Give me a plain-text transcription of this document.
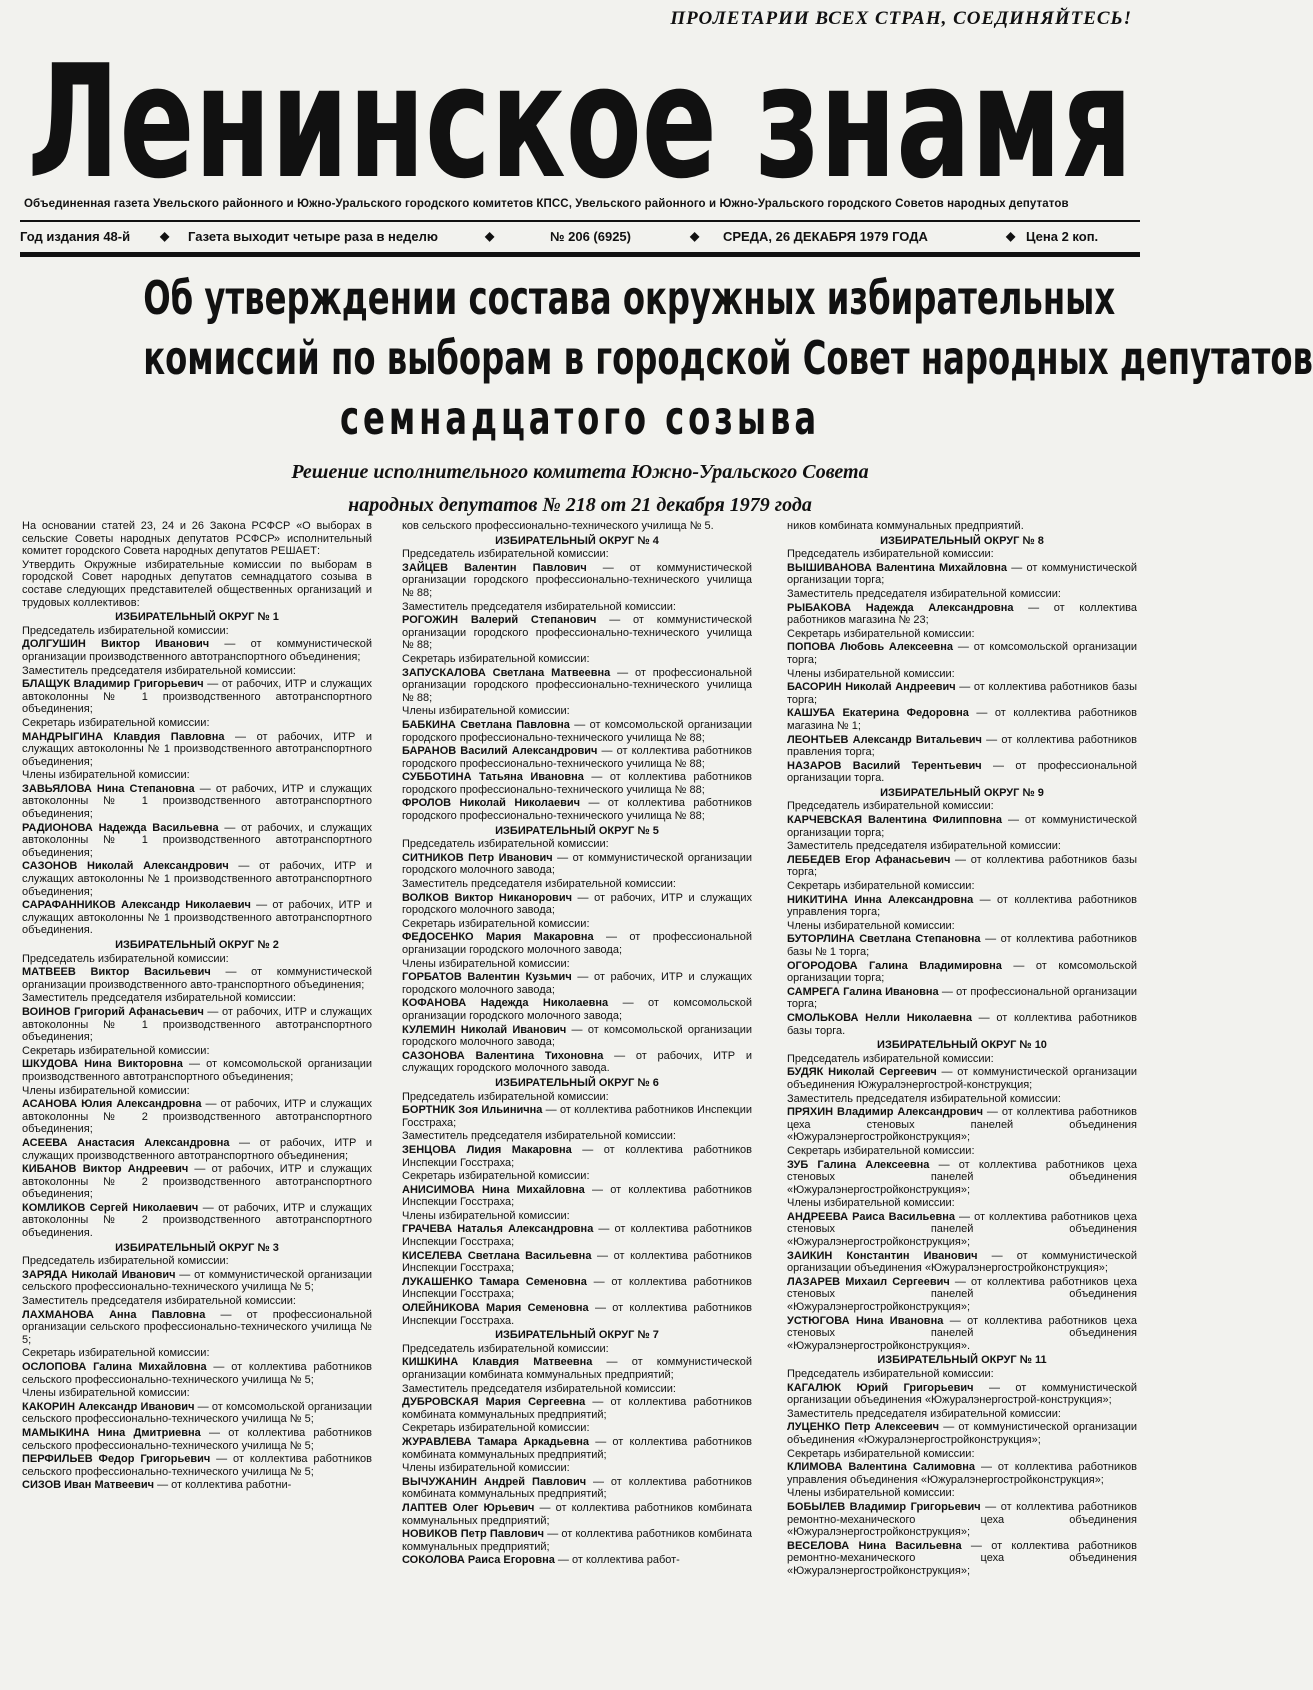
ПРОЛЕТАРИИ ВСЕХ СТРАН, СОЕДИНЯЙТЕСЬ!
Ленинское знамя
Объединенная газета Увельского районного и Южно-Уральского городского комитетов КПСС, Увельского районного и Южно-Уральского городского Советов народных депутатов
Год издания 48-й ◆ Газета выходит четыре раза в неделю	◆	№ 206 (6925)	◆ СРЕДА, 26 ДЕКАБРЯ 1979 ГОДА	◆ Цена 2 коп.
Об утверждении состава окружных избирательных
комиссий по выборам в городской Совет народных депутатов
семнадцатого созыва
Решение исполнительного комитета Южно-Уральского Совета
народных депутатов № 218 от 21 декабря 1979 года

На основании статей 23, 24 и 26 Закона РСФСР «О выборах в сельские Советы народных депутатов РСФСР» исполнительный комитет городского Совета народных депутатов РЕШАЕТ:

Утвердить Окружные избирательные комиссии по выборам в городской Совет народных депутатов семнадцатого созыва в составе следующих представителей общественных организаций и трудовых коллективов:

ИЗБИРАТЕЛЬНЫЙ ОКРУГ № 1

Председатель избирательной комиссии:

ДОЛГУШИН Виктор Иванович — от коммунистической организации производственного автотранспортного объединения;

Заместитель председателя избирательной комиссии:

БЛАЩУК Владимир Григорьевич — от рабочих, ИТР и служащих автоколонны № 1 производственного автотранспортного объединения;

Секретарь избирательной комиссии:

МАНДРЫГИНА Клавдия Павловна — от рабочих, ИТР и служащих автоколонны № 1 производственного автотранспортного объединения;

Члены избирательной комиссии:

ЗАВЬЯЛОВА Нина Степановна — от рабочих, ИТР и служащих автоколонны № 1 производственного автотранспортного объединения;

РАДИОНОВА Надежда Васильевна — от рабочих, и служащих автоколонны № 1 производственного автотранспортного объединения;

САЗОНОВ Николай Александрович — от рабочих, ИТР и служащих автоколонны № 1 производственного автотранспортного объединения;

САРАФАННИКОВ Александр Николаевич — от рабочих, ИТР и служащих автоколонны № 1 производственного автотранспортного объединения.

ИЗБИРАТЕЛЬНЫЙ ОКРУГ № 2

Председатель избирательной комиссии:

МАТВЕЕВ Виктор Васильевич — от коммунистической организации производственного авто-транспортного объединения;

Заместитель председателя избирательной комиссии:

ВОИНОВ Григорий Афанасьевич — от рабочих, ИТР и служащих автоколонны № 1 производственного автотранспортного объединения;

Секретарь избирательной комиссии:

ШКУДОВА Нина Викторовна — от комсомольской организации производственного автотранспортного объединения;

Члены избирательной комиссии:

АСАНОВА Юлия Александровна — от рабочих, ИТР и служащих автоколонны № 2 производственного автотранспортного объединения;

АСЕЕВА Анастасия Александровна — от рабочих, ИТР и служащих производственного автотранспортного объединения;

КИБАНОВ Виктор Андреевич — от рабочих, ИТР и служащих автоколонны № 2 производственного автотранспортного объединения;

КОМЛИКОВ Сергей Николаевич — от рабочих, ИТР и служащих автоколонны № 2 производственного автотранспортного объединения.

ИЗБИРАТЕЛЬНЫЙ ОКРУГ № 3

Председатель избирательной комиссии:

ЗАРЯДА Николай Иванович — от коммунистической организации сельского профессионально-технического училища № 5;

Заместитель председателя избирательной комиссии:

ЛАХМАНОВА Анна Павловна — от профессиональной организации сельского профессионально-технического училища № 5;

Секретарь избирательной комиссии:

ОСЛОПОВА Галина Михайловна — от коллектива работников сельского профессионально-технического училища № 5;

Члены избирательной комиссии:

КАКОРИН Александр Иванович — от комсомольской организации сельского профессионально-технического училища № 5;

МАМЫКИНА Нина Дмитриевна — от коллектива работников сельского профессионально-технического училища № 5;

ПЕРФИЛЬЕВ Федор Григорьевич — от коллектива работников сельского профессионально-технического училища № 5;

СИЗОВ Иван Матвеевич — от коллектива работни-

ков сельского профессионально-технического училища № 5.

ИЗБИРАТЕЛЬНЫЙ ОКРУГ № 4

Председатель избирательной комиссии:

ЗАЙЦЕВ Валентин Павлович — от коммунистической организации городского профессионально-технического училища № 88;

Заместитель председателя избирательной комиссии:

РОГОЖИН Валерий Степанович — от коммунистической организации городского профессионально-технического училища № 88;

Секретарь избирательной комиссии:

ЗАПУСКАЛОВА Светлана Матвеевна — от профессиональной организации городского профессионально-технического училища № 88;

Члены избирательной комиссии:

БАБКИНА Светлана Павловна — от комсомольской организации городского профессионально-технического училища № 88;

БАРАНОВ Василий Александрович — от коллектива работников городского профессионально-технического училища № 88;

СУББОТИНА Татьяна Ивановна — от коллектива работников городского профессионально-технического училища № 88;

ФРОЛОВ Николай Николаевич — от коллектива работников городского профессионально-технического училища № 88;

ИЗБИРАТЕЛЬНЫЙ ОКРУГ № 5

Председатель избирательной комиссии:

СИТНИКОВ Петр Иванович — от коммунистической организации городского молочного завода;

Заместитель председателя избирательной комиссии:

ВОЛКОВ Виктор Никанорович — от рабочих, ИТР и служащих городского молочного завода;

Секретарь избирательной комиссии:

ФЕДОСЕНКО Мария Макаровна — от профессиональной организации городского молочного завода;

Члены избирательной комиссии:

ГОРБАТОВ Валентин Кузьмич — от рабочих, ИТР и служащих городского молочного завода;

КОФАНОВА Надежда Николаевна — от комсомольской организации городского молочного завода;

КУЛЕМИН Николай Иванович — от комсомольской организации городского молочного завода;

САЗОНОВА Валентина Тихоновна — от рабочих, ИТР и служащих городского молочного завода.

ИЗБИРАТЕЛЬНЫЙ ОКРУГ № 6

Председатель избирательной комиссии:

БОРТНИК Зоя Ильинична — от коллектива работников Инспекции Госстраха;

Заместитель председателя избирательной комиссии:

ЗЕНЦОВА Лидия Макаровна — от коллектива работников Инспекции Госстраха;

Секретарь избирательной комиссии:

АНИСИМОВА Нина Михайловна — от коллектива работников Инспекции Госстраха;

Члены избирательной комиссии:

ГРАЧЕВА Наталья Александровна — от коллектива работников Инспекции Госстраха;

КИСЕЛЕВА Светлана Васильевна — от коллектива работников Инспекции Госстраха;

ЛУКАШЕНКО Тамара Семеновна — от коллектива работников Инспекции Госстраха;

ОЛЕЙНИКОВА Мария Семеновна — от коллектива работников Инспекции Госстраха.

ИЗБИРАТЕЛЬНЫЙ ОКРУГ № 7

Председатель избирательной комиссии:

КИШКИНА Клавдия Матвеевна — от коммунистической организации комбината коммунальных предприятий;

Заместитель председателя избирательной комиссии:

ДУБРОВСКАЯ Мария Сергеевна — от коллектива работников комбината коммунальных предприятий;

Секретарь избирательной комиссии:

ЖУРАВЛЕВА Тамара Аркадьевна — от коллектива работников комбината коммунальных предприятий;

Члены избирательной комиссии:

ВЫЧУЖАНИН Андрей Павлович — от коллектива работников комбината коммунальных предприятий;

ЛАПТЕВ Олег Юрьевич — от коллектива работников комбината коммунальных предприятий;

НОВИКОВ Петр Павлович — от коллектива работников комбината коммунальных предприятий;

СОКОЛОВА Раиса Егоровна — от коллектива работ-

ников комбината коммунальных предприятий.

ИЗБИРАТЕЛЬНЫЙ ОКРУГ № 8

Председатель избирательной комиссии:

ВЫШИВАНОВА Валентина Михайловна — от коммунистической организации торга;

Заместитель председателя избирательной комиссии:

РЫБАКОВА Надежда Александровна — от коллектива работников магазина № 23;

Секретарь избирательной комиссии:

ПОПОВА Любовь Алексеевна — от комсомольской организации торга;

Члены избирательной комиссии:

БАСОРИН Николай Андреевич — от коллектива работников базы торга;

КАШУБА Екатерина Федоровна — от коллектива работников магазина № 1;

ЛЕОНТЬЕВ Александр Витальевич — от коллектива работников правления торга;

НАЗАРОВ Василий Терентьевич — от профессиональной организации торга.

ИЗБИРАТЕЛЬНЫЙ ОКРУГ № 9

Председатель избирательной комиссии:

КАРЧЕВСКАЯ Валентина Филипповна — от коммунистической организации торга;

Заместитель председателя избирательной комиссии:

ЛЕБЕДЕВ Егор Афанасьевич — от коллектива работников базы торга;

Секретарь избирательной комиссии:

НИКИТИНА Инна Александровна — от коллектива работников управления торга;

Члены избирательной комиссии:

БУТОРЛИНА Светлана Степановна — от коллектива работников базы № 1 торга;

ОГОРОДОВА Галина Владимировна — от комсомольской организации торга;

САМРЕГА Галина Ивановна — от профессиональной организации торга;

СМОЛЬКОВА Нелли Николаевна — от коллектива работников базы торга.

ИЗБИРАТЕЛЬНЫЙ ОКРУГ № 10

Председатель избирательной комиссии:

БУДЯК Николай Сергеевич — от коммунистической организации объединения Южуралэнергострой-конструкция;

Заместитель председателя избирательной комиссии:

ПРЯХИН Владимир Александрович — от коллектива работников цеха стеновых панелей объединения «Южуралэнергостройконструкция»;

Секретарь избирательной комиссии:

ЗУБ Галина Алексеевна — от коллектива работников цеха стеновых панелей объединения «Южуралэнергостройконструкция»;

Члены избирательной комиссии:

АНДРЕЕВА Раиса Васильевна — от коллектива работников цеха стеновых панелей объединения «Южуралэнергостройконструкция»;

ЗАИКИН Константин Иванович — от коммунистической организации объединения «Южуралэнергостройконструкция»;

ЛАЗАРЕВ Михаил Сергеевич — от коллектива работников цеха стеновых панелей объединения «Южуралэнергостройконструкция»;

УСТЮГОВА Нина Ивановна — от коллектива работников цеха стеновых панелей объединения «Южуралэнергостройконструкция».

ИЗБИРАТЕЛЬНЫЙ ОКРУГ № 11

Председатель избирательной комиссии:

КАГАЛЮК Юрий Григорьевич — от коммунистической организации объединения «Южуралэнергострой-конструкция»;

Заместитель председателя избирательной комиссии:

ЛУЦЕНКО Петр Алексеевич — от коммунистической организации объединения «Южуралэнергостройконструкция»;

Секретарь избирательной комиссии:

КЛИМОВА Валентина Салимовна — от коллектива работников управления объединения «Южуралэнергостройконструкция»;

Члены избирательной комиссии:

БОБЫЛЕВ Владимир Григорьевич — от коллектива работников ремонтно-механического цеха объединения «Южуралэнергостройконструкция»;

ВЕСЕЛОВА Нина Васильевна — от коллектива работников ремонтно-механического цеха объединения «Южуралэнергостройконструкция»;
